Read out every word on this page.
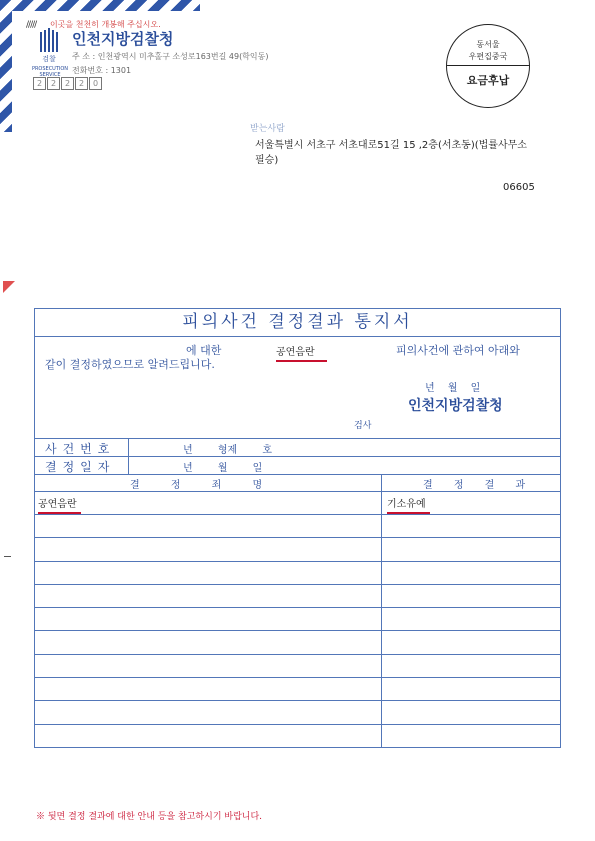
///// 이곳을 천천히 개봉해 주십시오.
검찰
PROSECUTION SERVICE
인천지방검찰청
주 소 : 인천광역시 미추홀구 소성로163번길 49(학익동)
전화번호 : 1301
2	2	2	2	0
동서울
우편집중국
요금후납
받는사람
서울특별시 서초구 서초대로51길 15 ,2층(서초동)(법률사무소
필승)
06605
피의사건 결정결과 통지서
에 대한	공연음란	피의사건에 관하여 아래와
같이 결정하였으므로 알려드립니다.
년 월 일
인천지방검찰청
검사
사건번호	년 형제 호
결정일자	년 월 일
결 정 죄 명	결 정 결 과
공연음란	기소유예
※ 뒷면 결정 결과에 대한 안내 등을 참고하시기 바랍니다.
